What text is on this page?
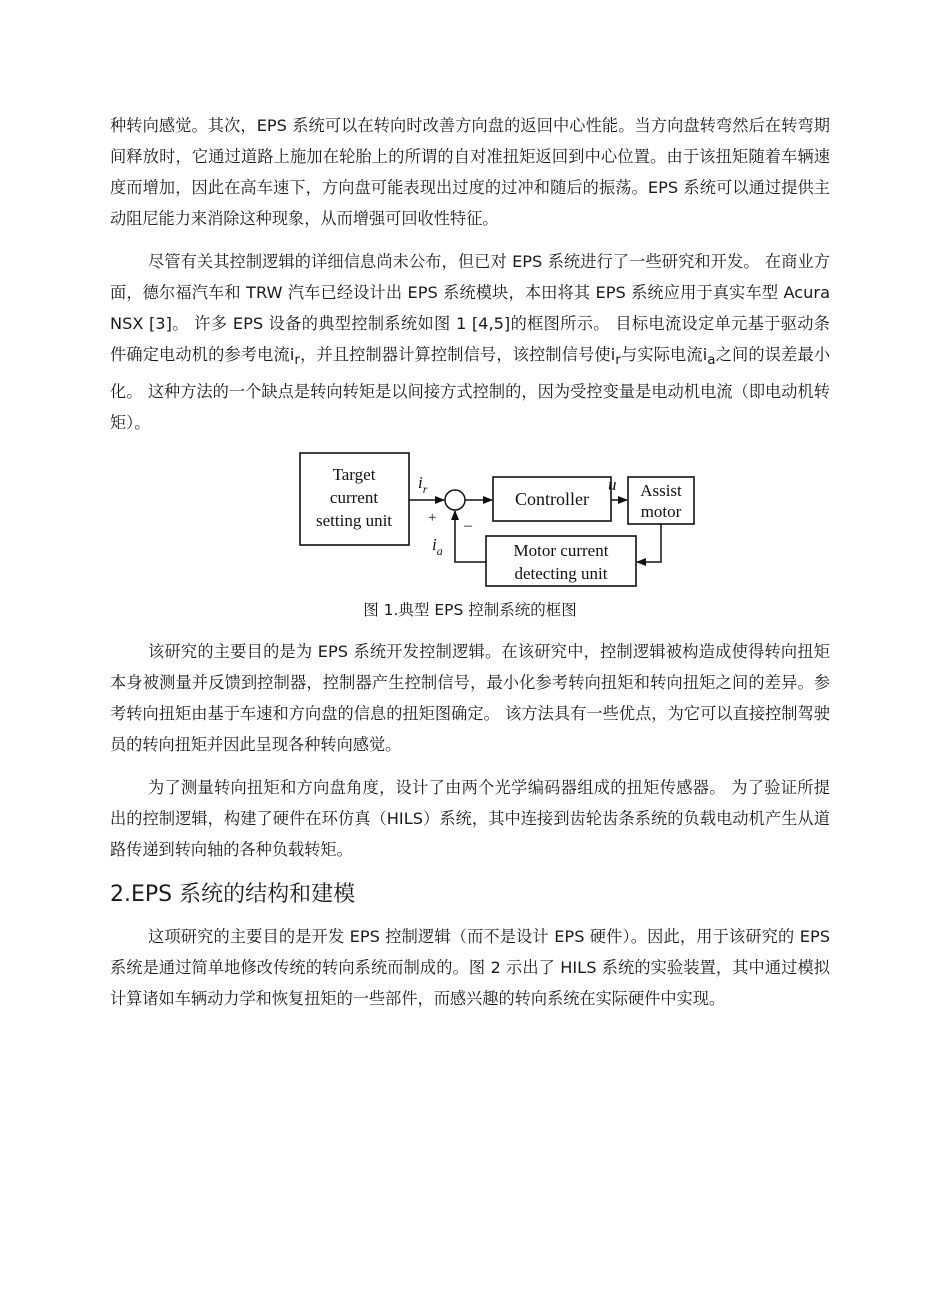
种转向感觉。其次，EPS 系统可以在转向时改善方向盘的返回中心性能。当方向盘转弯然后在转弯期间释放时，它通过道路上施加在轮胎上的所谓的自对准扭矩返回到中心位置。由于该扭矩随着车辆速度而增加，因此在高车速下，方向盘可能表现出过度的过冲和随后的振荡。EPS 系统可以通过提供主动阻尼能力来消除这种现象，从而增强可回收性特征。

尽管有关其控制逻辑的详细信息尚未公布，但已对 EPS 系统进行了一些研究和开发。 在商业方面，德尔福汽车和 TRW 汽车已经设计出 EPS 系统模块，本田将其 EPS 系统应用于真实车型 Acura NSX [3]。 许多 EPS 设备的典型控制系统如图 1 [4,5]的框图所示。 目标电流设定单元基于驱动条件确定电动机的参考电流$i_r$，并且控制器计算控制信号，该控制信号使$i_r$与实际电流$i_a$之间的误差最小化。 这种方法的一个缺点是转向转矩是以间接方式控制的，因为受控变量是电动机电流（即电动机转矩）。

Target
current
setting unit
$i_r$
+ –
Controller
u Assist
motor
Motor current
detecting unit
$i_a$
图 1.典型 EPS 控制系统的框图

该研究的主要目的是为 EPS 系统开发控制逻辑。在该研究中，控制逻辑被构造成使得转向扭矩本身被测量并反馈到控制器，控制器产生控制信号，最小化参考转向扭矩和转向扭矩之间的差异。参考转向扭矩由基于车速和方向盘的信息的扭矩图确定。 该方法具有一些优点，为它可以直接控制驾驶员的转向扭矩并因此呈现各种转向感觉。

为了测量转向扭矩和方向盘角度，设计了由两个光学编码器组成的扭矩传感器。 为了验证所提出的控制逻辑，构建了硬件在环仿真（HILS）系统，其中连接到齿轮齿条系统的负载电动机产生从道路传递到转向轴的各种负载转矩。

2.EPS 系统的结构和建模

这项研究的主要目的是开发 EPS 控制逻辑（而不是设计 EPS 硬件）。因此，用于该研究的 EPS 系统是通过简单地修改传统的转向系统而制成的。图 2 示出了 HILS 系统的实验装置，其中通过模拟计算诸如车辆动力学和恢复扭矩的一些部件，而感兴趣的转向系统在实际硬件中实现。
